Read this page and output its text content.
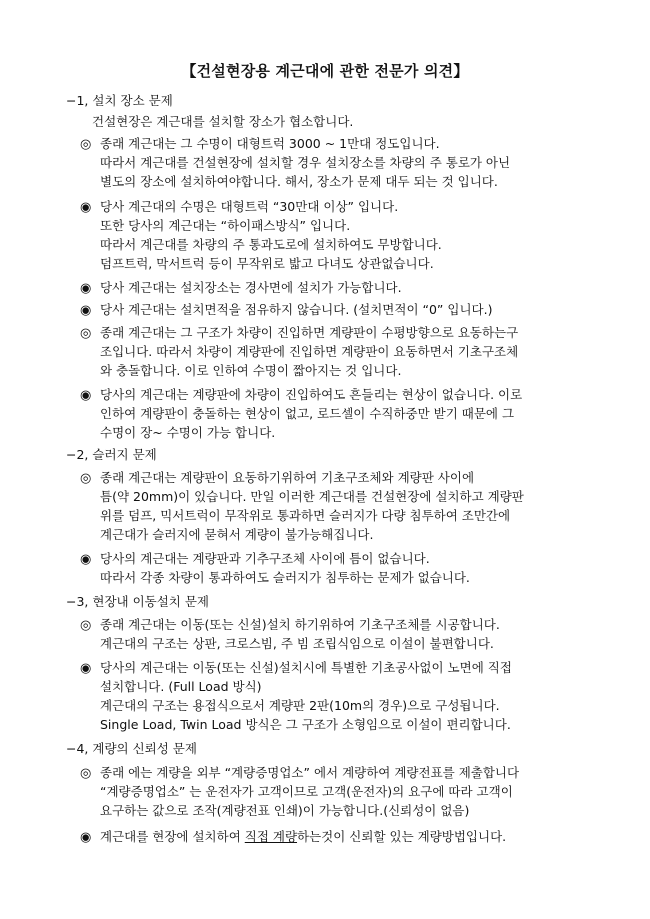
【건설현장용 계근대에 관한 전문가 의견】
−1, 설치 장소 문제
건설현장은 계근대를 설치할 장소가 협소합니다.
◎ 종래 계근대는 그 수명이 대형트럭 3000 ~ 1만대 정도입니다.
따라서 계근대를 건설현장에 설치할 경우 설치장소를 차량의 주 통로가 아닌
별도의 장소에 설치하여야합니다. 해서, 장소가 문제 대두 되는 것 입니다.
◉ 당사 계근대의 수명은 대형트럭 “30만대 이상” 입니다.
또한 당사의 계근대는 “하이패스방식” 입니다.
따라서 계근대를 차량의 주 통과도로에 설치하여도 무방합니다.
덤프트럭, 막서트럭 등이 무작위로 밟고 다녀도 상관없습니다.
◉ 당사 계근대는 설치장소는 경사면에 설치가 가능합니다.
◉ 당사 계근대는 설치면적을 점유하지 않습니다. (설치면적이 “0” 입니다.)
◎ 종래 계근대는 그 구조가 차량이 진입하면 계량판이 수평방향으로 요동하는구
조입니다. 따라서 차량이 계량판에 진입하면 계량판이 요동하면서 기초구조체
와 충돌합니다. 이로 인하여 수명이 짧아지는 것 입니다.
◉ 당사의 계근대는 계량판에 차량이 진입하여도 흔들리는 현상이 없습니다. 이로
인하여 계량판이 충돌하는 현상이 없고, 로드셀이 수직하중만 받기 때문에 그
수명이 장~ 수명이 가능 합니다.
−2, 슬러지 문제
◎ 종래 계근대는 계량판이 요동하기위하여 기초구조체와 계량판 사이에
틈(약 20mm)이 있습니다. 만일 이러한 계근대를 건설현장에 설치하고 계량판
위를 덤프, 믹서트럭이 무작위로 통과하면 슬러지가 다량 침투하여 조만간에
계근대가 슬러지에 묻혀서 계량이 불가능해집니다.
◉ 당사의 계근대는 계량판과 기추구조체 사이에 틈이 없습니다.
따라서 각종 차량이 통과하여도 슬러지가 침투하는 문제가 없습니다.
−3, 현장내 이동설치 문제
◎ 종래 계근대는 이동(또는 신설)설치 하기위하여 기초구조체를 시공합니다.
계근대의 구조는 상판, 크로스빔, 주 빔 조립식임으로 이설이 불편합니다.
◉ 당사의 계근대는 이동(또는 신설)설치시에 특별한 기초공사없이 노면에 직접
설치합니다. (Full Load 방식)
계근대의 구조는 용접식으로서 계량판 2판(10m의 경우)으로 구성됩니다.
Single Load, Twin Load 방식은 그 구조가 소형임으로 이설이 편리합니다.
−4, 계량의 신뢰성 문제
◎ 종래 에는 계량을 외부 “계량증명업소” 에서 계량하여 계량전표를 제출합니다
“계량증명업소” 는 운전자가 고객이므로 고객(운전자)의 요구에 따라 고객이
요구하는 값으로 조작(계량전표 인쇄)이 가능합니다.(신뢰성이 없음)
◉ 계근대를 현장에 설치하여 직접 계량하는것이 신뢰할 있는 계량방법입니다.
